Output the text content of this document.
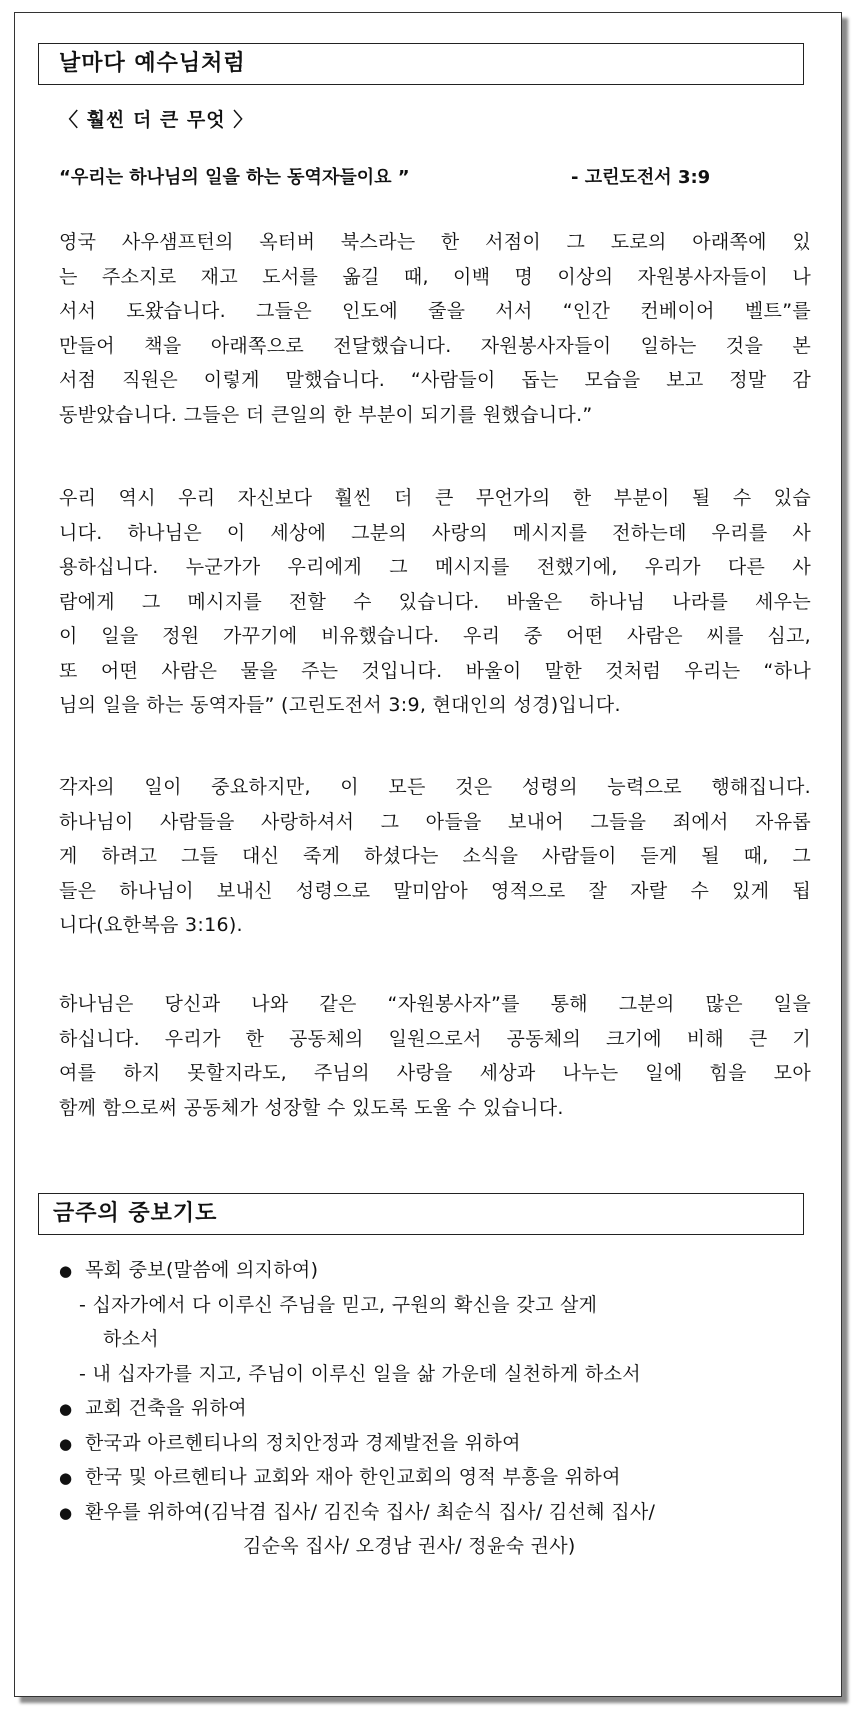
날마다 예수님처럼
〈 훨씬 더 큰 무엇 〉
“우리는 하나님의 일을 하는 동역자들이요 ”	- 고린도전서 3:9
영국 사우샘프턴의 옥터버 북스라는 한 서점이 그 도로의 아래쪽에 있
는 주소지로 재고 도서를 옮길 때, 이백 명 이상의 자원봉사자들이 나
서서 도왔습니다. 그들은 인도에 줄을 서서 “인간 컨베이어 벨트”를
만들어 책을 아래쪽으로 전달했습니다. 자원봉사자들이 일하는 것을 본
서점 직원은 이렇게 말했습니다. “사람들이 돕는 모습을 보고 정말 감
동받았습니다. 그들은 더 큰일의 한 부분이 되기를 원했습니다.”
우리 역시 우리 자신보다 훨씬 더 큰 무언가의 한 부분이 될 수 있습
니다. 하나님은 이 세상에 그분의 사랑의 메시지를 전하는데 우리를 사
용하십니다. 누군가가 우리에게 그 메시지를 전했기에, 우리가 다른 사
람에게 그 메시지를 전할 수 있습니다. 바울은 하나님 나라를 세우는
이 일을 정원 가꾸기에 비유했습니다. 우리 중 어떤 사람은 씨를 심고,
또 어떤 사람은 물을 주는 것입니다. 바울이 말한 것처럼 우리는 “하나
님의 일을 하는 동역자들” (고린도전서 3:9, 현대인의 성경)입니다.
각자의 일이 중요하지만, 이 모든 것은 성령의 능력으로 행해집니다.
하나님이 사람들을 사랑하셔서 그 아들을 보내어 그들을 죄에서 자유롭
게 하려고 그들 대신 죽게 하셨다는 소식을 사람들이 듣게 될 때, 그
들은 하나님이 보내신 성령으로 말미암아 영적으로 잘 자랄 수 있게 됩
니다(요한복음 3:16).
하나님은 당신과 나와 같은 “자원봉사자”를 통해 그분의 많은 일을
하십니다. 우리가 한 공동체의 일원으로서 공동체의 크기에 비해 큰 기
여를 하지 못할지라도, 주님의 사랑을 세상과 나누는 일에 힘을 모아
함께 함으로써 공동체가 성장할 수 있도록 도울 수 있습니다.
금주의 중보기도
● 목회 중보(말씀에 의지하여)
- 십자가에서 다 이루신 주님을 믿고, 구원의 확신을 갖고 살게
하소서
- 내 십자가를 지고, 주님이 이루신 일을 삶 가운데 실천하게 하소서
● 교회 건축을 위하여
● 한국과 아르헨티나의 정치안정과 경제발전을 위하여
● 한국 및 아르헨티나 교회와 재아 한인교회의 영적 부흥을 위하여
● 환우를 위하여(김낙겸 집사/ 김진숙 집사/ 최순식 집사/ 김선혜 집사/
김순옥 집사/ 오경남 권사/ 정윤숙 권사)
